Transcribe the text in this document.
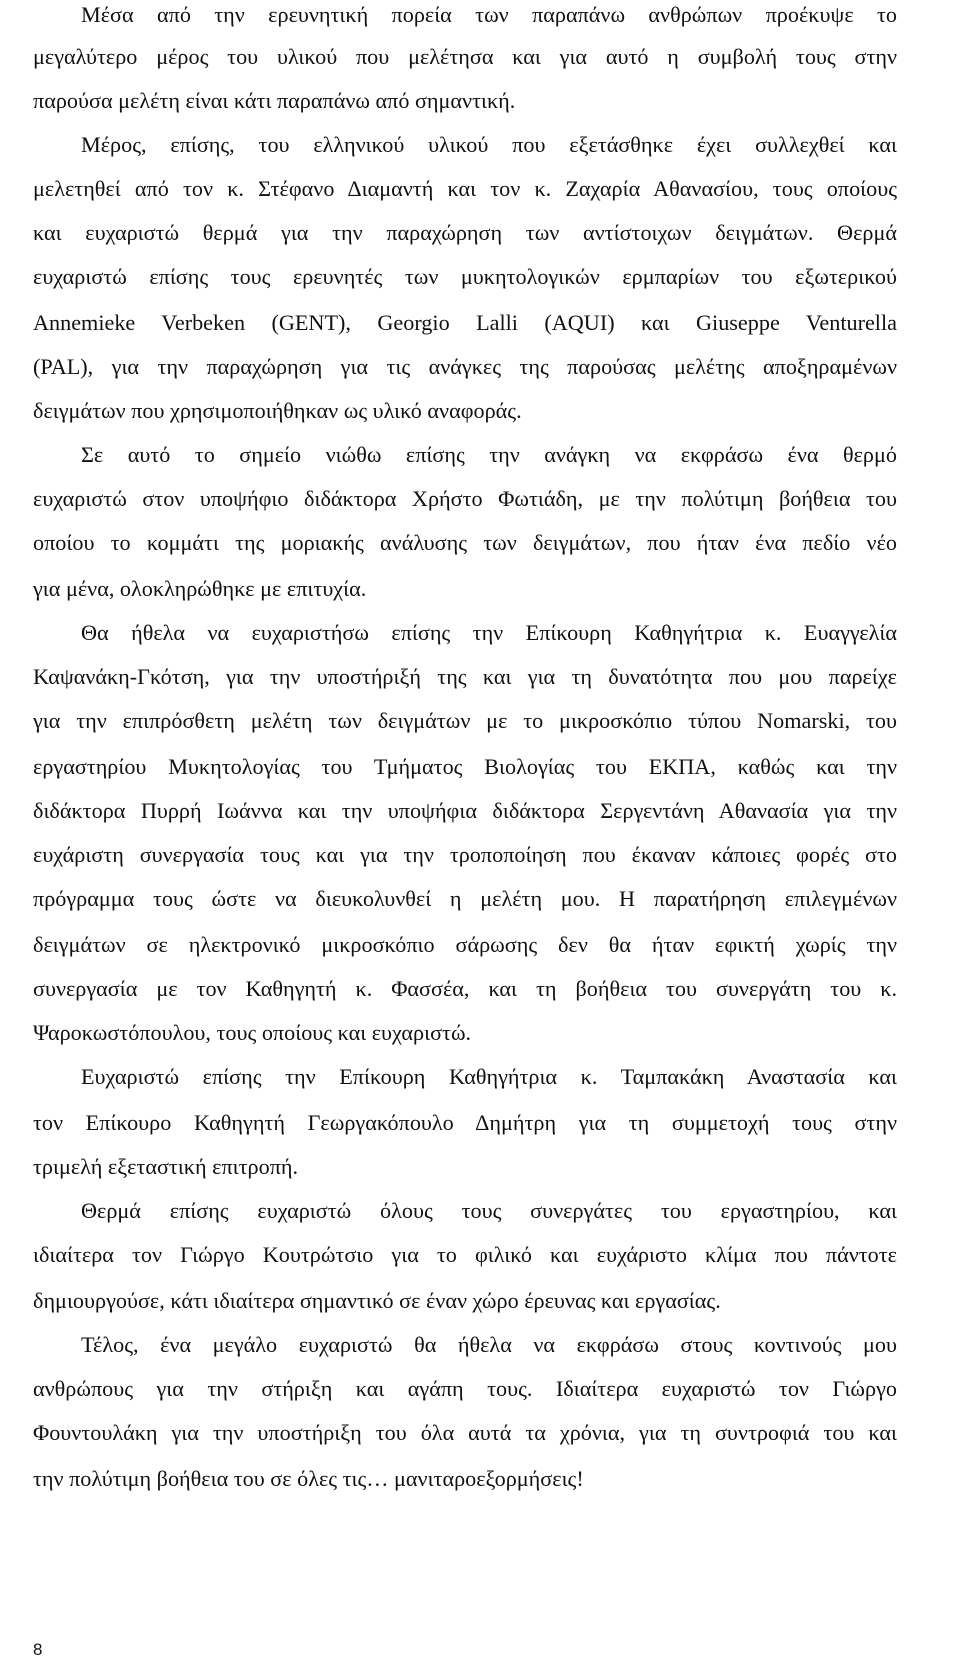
Μέσα από την ερευνητική πορεία των παραπάνω ανθρώπων προέκυψε το
μεγαλύτερο μέρος του υλικού που μελέτησα και για αυτό η συμβολή τους στην
παρούσα μελέτη είναι κάτι παραπάνω από σημαντική.
Μέρος, επίσης, του ελληνικού υλικού που εξετάσθηκε έχει συλλεχθεί και
μελετηθεί από τον κ. Στέφανο Διαμαντή και τον κ. Ζαχαρία Αθανασίου, τους οποίους
και ευχαριστώ θερμά για την παραχώρηση των αντίστοιχων δειγμάτων. Θερμά
ευχαριστώ επίσης τους ερευνητές των μυκητολογικών ερμπαρίων του εξωτερικού
Annemieke Verbeken (GENT), Georgio Lalli (AQUI) και Giuseppe Venturella
(PAL), για την παραχώρηση για τις ανάγκες της παρούσας μελέτης αποξηραμένων
δειγμάτων που χρησιμοποιήθηκαν ως υλικό αναφοράς.
Σε αυτό το σημείο νιώθω επίσης την ανάγκη να εκφράσω ένα θερμό
ευχαριστώ στον υποψήφιο διδάκτορα Χρήστο Φωτιάδη, με την πολύτιμη βοήθεια του
οποίου το κομμάτι της μοριακής ανάλυσης των δειγμάτων, που ήταν ένα πεδίο νέο
για μένα, ολοκληρώθηκε με επιτυχία.
Θα ήθελα να ευχαριστήσω επίσης την Επίκουρη Καθηγήτρια κ. Ευαγγελία
Καψανάκη-Γκότση, για την υποστήριξή της και για τη δυνατότητα που μου παρείχε
για την επιπρόσθετη μελέτη των δειγμάτων με το μικροσκόπιο τύπου Nomarski, του
εργαστηρίου Μυκητολογίας του Τμήματος Βιολογίας του ΕΚΠΑ, καθώς και την
διδάκτορα Πυρρή Ιωάννα και την υποψήφια διδάκτορα Σεργεντάνη Αθανασία για την
ευχάριστη συνεργασία τους και για την τροποποίηση που έκαναν κάποιες φορές στο
πρόγραμμα τους ώστε να διευκολυνθεί η μελέτη μου. Η παρατήρηση επιλεγμένων
δειγμάτων σε ηλεκτρονικό μικροσκόπιο σάρωσης δεν θα ήταν εφικτή χωρίς την
συνεργασία με τον Καθηγητή κ. Φασσέα, και τη βοήθεια του συνεργάτη του κ.
Ψαροκωστόπουλου, τους οποίους και ευχαριστώ.
Ευχαριστώ επίσης την Επίκουρη Καθηγήτρια κ. Ταμπακάκη Αναστασία και
τον Επίκουρο Καθηγητή Γεωργακόπουλο Δημήτρη για τη συμμετοχή τους στην
τριμελή εξεταστική επιτροπή.
Θερμά επίσης ευχαριστώ όλους τους συνεργάτες του εργαστηρίου, και
ιδιαίτερα τον Γιώργο Κουτρώτσιο για το φιλικό και ευχάριστο κλίμα που πάντοτε
δημιουργούσε, κάτι ιδιαίτερα σημαντικό σε έναν χώρο έρευνας και εργασίας.
Τέλος, ένα μεγάλο ευχαριστώ θα ήθελα να εκφράσω στους κοντινούς μου
ανθρώπους για την στήριξη και αγάπη τους. Ιδιαίτερα ευχαριστώ τον Γιώργο
Φουντουλάκη για την υποστήριξη του όλα αυτά τα χρόνια, για τη συντροφιά του και
την πολύτιμη βοήθεια του σε όλες τις… μανιταροεξορμήσεις!
8
